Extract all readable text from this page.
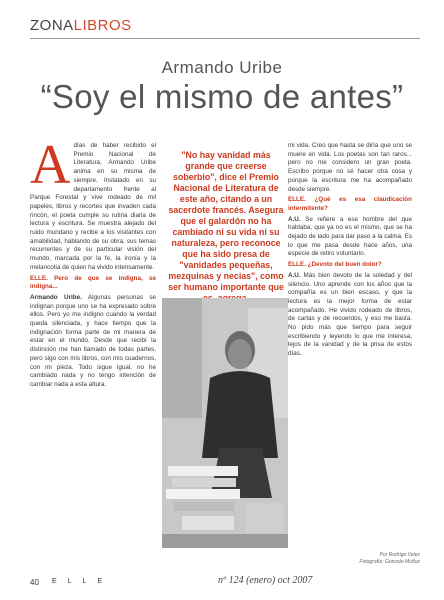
ZONALIBROS
Armando Uribe
“Soy el mismo de antes”

Adías de haber recibido el Premio Nacional de Literatura, Armando Uribe anima en su misma de siempre. Instalado en su departamento frente al Parque Forestal y vive rodeado de mil papeles, libros y recortes que invaden cada rincón, el poeta cumple su rutina diaria de lectura y escritura. Se muestra alejado del ruido mundano y recibe a los visitantes con amabilidad, hablando de su obra, sus temas recurrentes y de su particular visión del mundo, marcada por la fe, la ironía y la melancolía de quien ha vivido intensamente.

ELLE. Pero de que se indigna, se indigna...

Armando Uribe. Algunas personas se indignan porque uno se ha expresado sobre ellos. Pero yo me indigno cuando la verdad queda silenciada, y hace tiempo que la indignación forma parte de mi manera de estar en el mundo. Desde que recibí la distinción me han llamado de todas partes, pero sigo con mis libros, con mis cuadernos, con mi pieza. Todo sigue igual, no he cambiado nada y no tengo intención de cambiar nada a esta altura.

"No hay vanidad más grande que creerse soberbio", dice el Premio Nacional de Literatura de este año, citando a un sacerdote francés. Asegura que el galardón no ha cambiado ni su vida ni su naturaleza, pero reconoce que ha sido presa de "vanidades pequeñas, mezquinas y necias", como ser humano importante que

mi vida. Creo que hasta se diría que uno se muere en vida. Los poetas son tan raros... pero no me considero un gran poeta. Escribo porque no sé hacer otra cosa y porque la escritura me ha acompañado desde siempre.

ELLE. ¿Qué es esa claudicación intermitente?

A.U. Se refiere a ese hombre del que hablaba, que ya no es el mismo, que se ha dejado de lado para dar paso a la calma. Es lo que me pasa desde hace años, una especie de retiro voluntario.

ELLE. ¿Devoto del buen dolor?

A.U. Más bien devoto de la soledad y del silencio. Uno aprende con los años que la compañía es un bien escaso, y que la lectura es la mejor forma de estar acompañado. He vivido rodeado de libros, de cartas y de recuerdos, y eso me basta. No pido más que tiempo para seguir escribiendo y leyendo lo que me interesa, lejos de la vanidad y de la prisa de estos días.

Por Rodrigo Velez
Fotografía: Gonzalo Muñoz
40 ELLE	nº 124 (enero) oct 2007
